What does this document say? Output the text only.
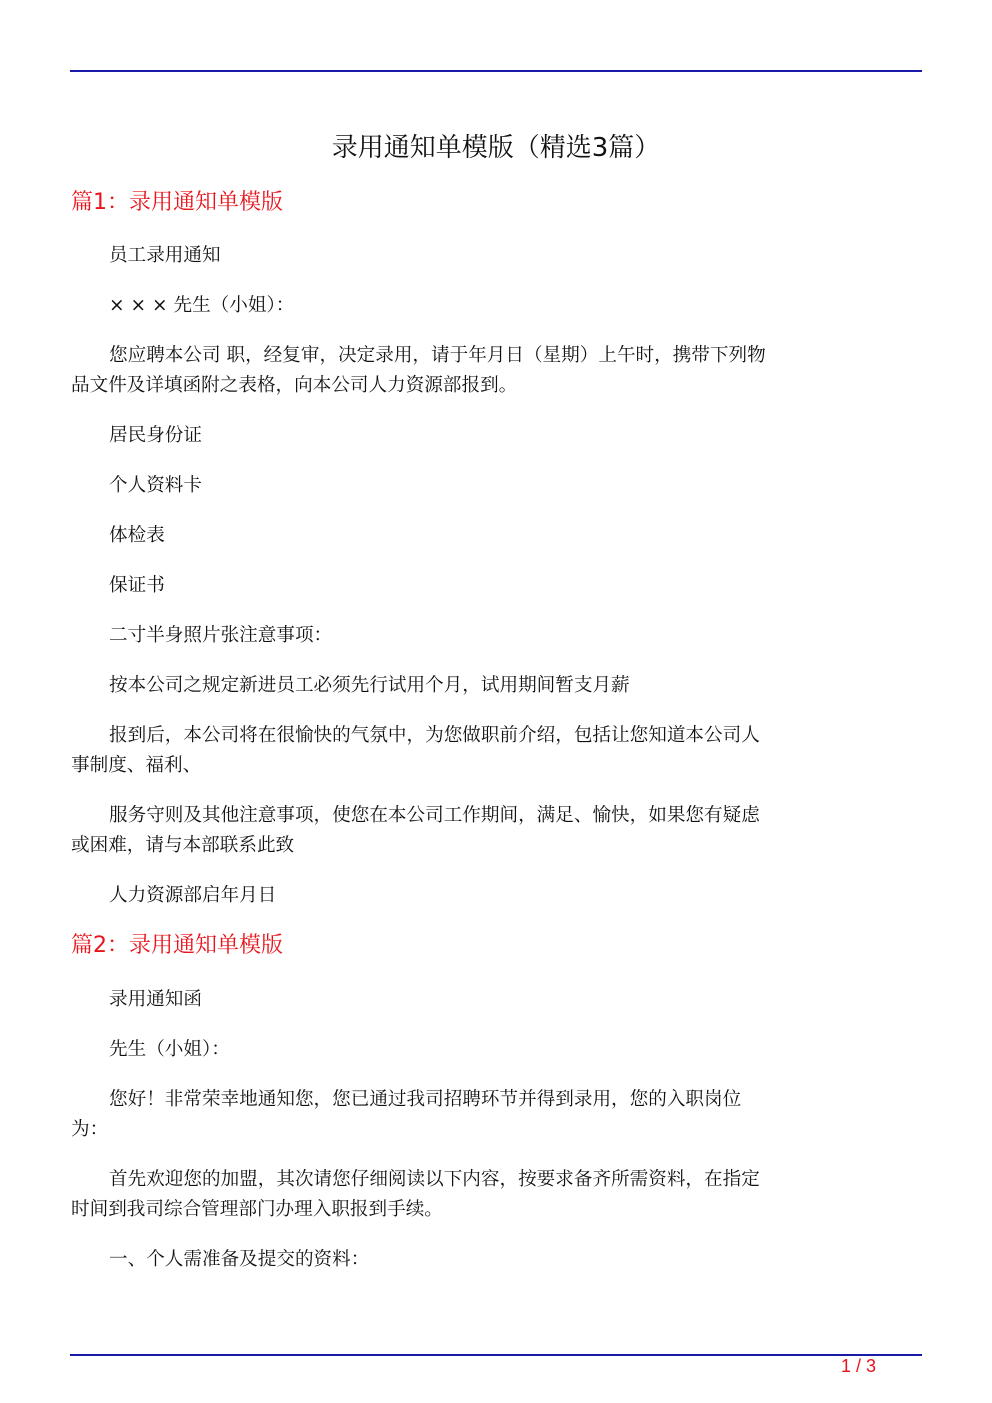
录用通知单模版（精选3篇）
篇1：录用通知单模版
员工录用通知
× × × 先生（小姐）：
您应聘本公司 职，经复审，决定录用，请于年月日（星期）上午时，携带下列物品文件及详填函附之表格，向本公司人力资源部报到。
居民身份证
个人资料卡
体检表
保证书
二寸半身照片张注意事项：
按本公司之规定新进员工必须先行试用个月，试用期间暂支月薪
报到后，本公司将在很愉快的气氛中，为您做职前介绍，包括让您知道本公司人事制度、福利、
服务守则及其他注意事项，使您在本公司工作期间，满足、愉快，如果您有疑虑或困难，请与本部联系此致
人力资源部启年月日
篇2：录用通知单模版
录用通知函
先生（小姐）：
您好！非常荣幸地通知您，您已通过我司招聘环节并得到录用，您的入职岗位为：
首先欢迎您的加盟，其次请您仔细阅读以下内容，按要求备齐所需资料，在指定时间到我司综合管理部门办理入职报到手续。
一、个人需准备及提交的资料：
1 / 3
